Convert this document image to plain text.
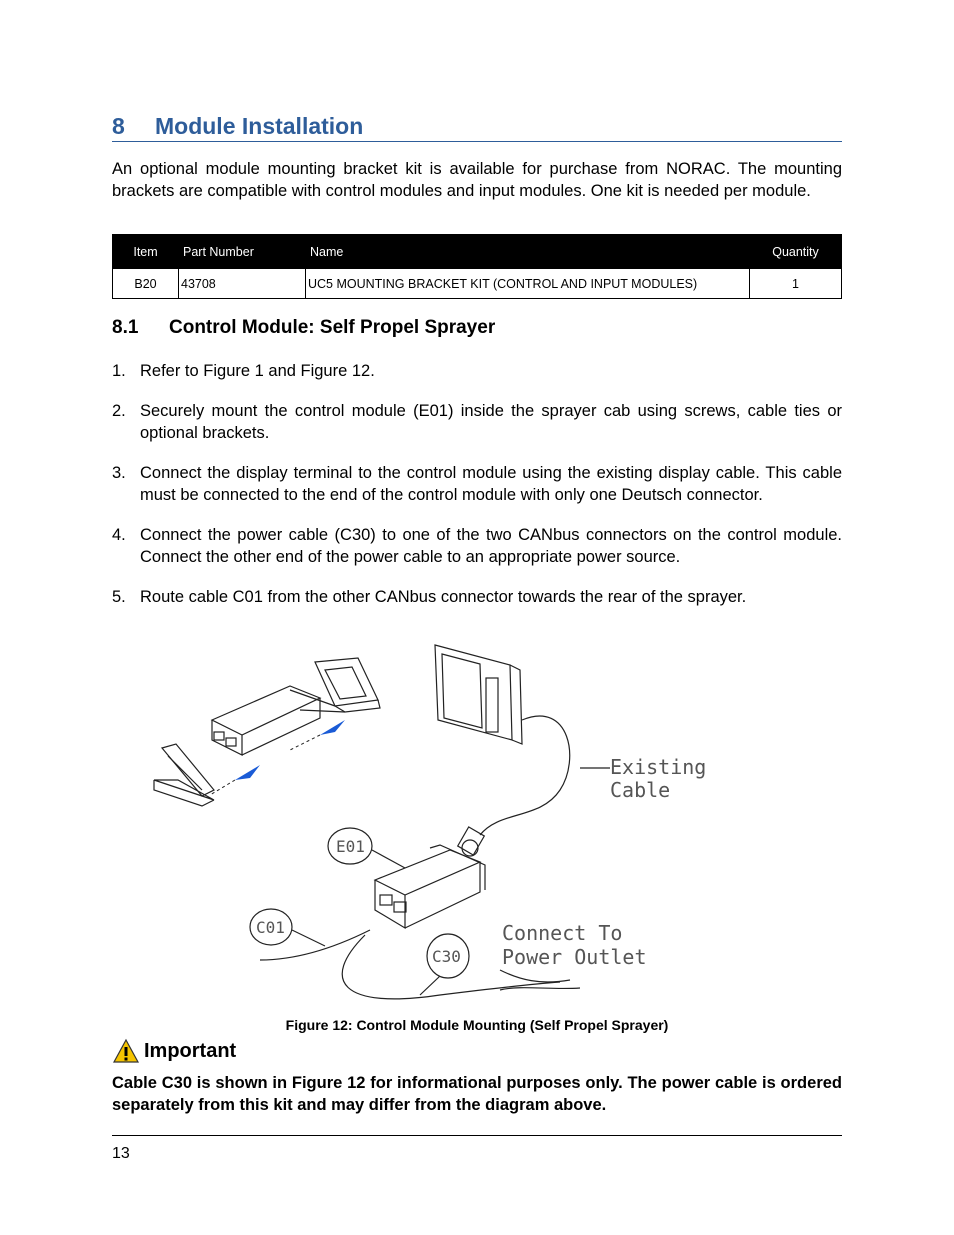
8 Module Installation

An optional module mounting bracket kit is available for purchase from NORAC. The mounting brackets are compatible with control modules and input modules. One kit is needed per module.

Item	Part Number	Name	Quantity
B20	43708	UC5 MOUNTING BRACKET KIT (CONTROL AND INPUT MODULES)	1
8.1 Control Module: Self Propel Sprayer
1. Refer to Figure 1 and Figure 12.
2. Securely mount the control module (E01) inside the sprayer cab using screws, cable ties or optional brackets.
3. Connect the display terminal to the control module using the existing display cable. This cable must be connected to the end of the control module with only one Deutsch connector.
4. Connect the power cable (C30) to one of the two CANbus connectors on the control module. Connect the other end of the power cable to an appropriate power source.
5. Route cable C01 from the other CANbus connector towards the rear of the sprayer.
Existing
Cable
E01
C01
C30
Connect To
Power Outlet

Figure 12: Control Module Mounting (Self Propel Sprayer)

Important

Cable C30 is shown in Figure 12 for informational purposes only. The power cable is ordered separately from this kit and may differ from the diagram above.

13
